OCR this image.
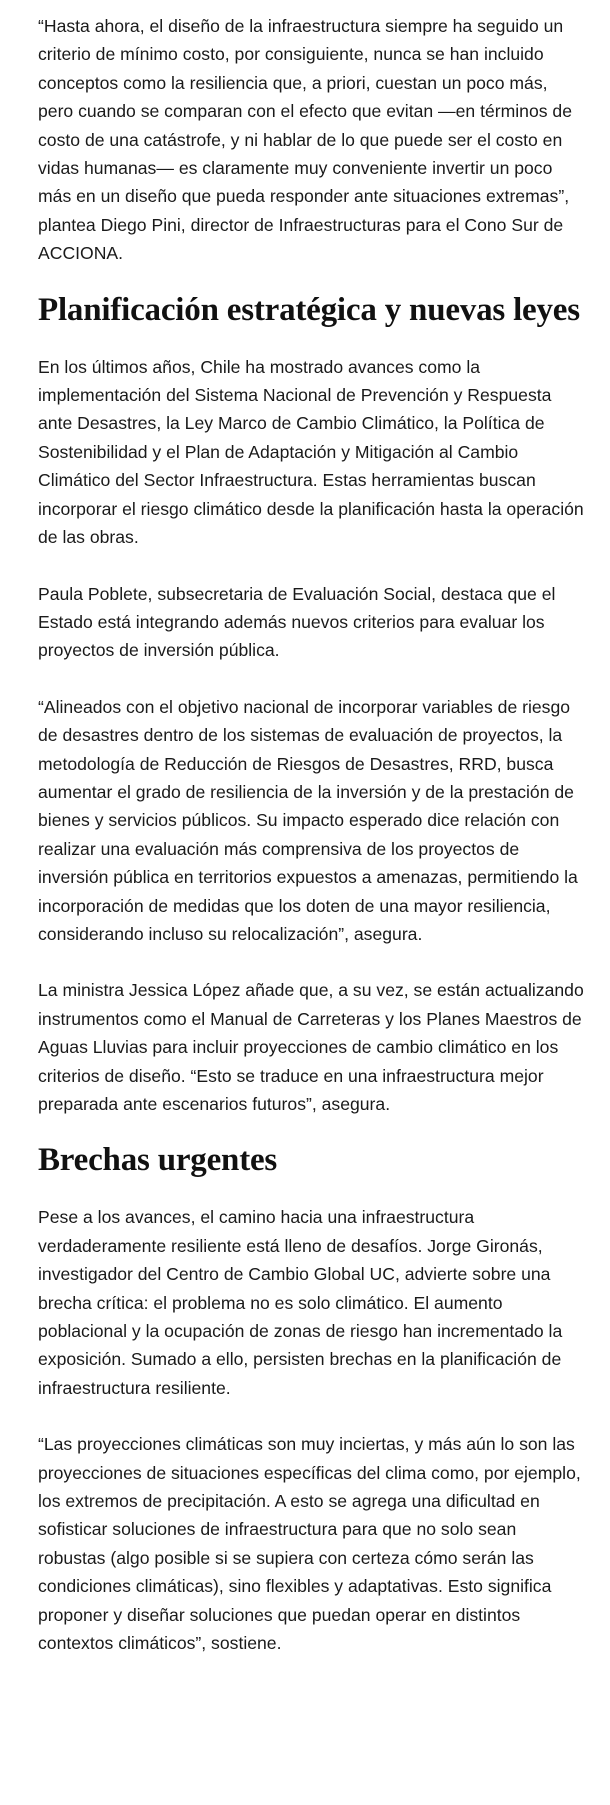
“Hasta ahora, el diseño de la infraestructura siempre ha seguido un criterio de mínimo costo, por consiguiente, nunca se han incluido conceptos como la resiliencia que, a priori, cuestan un poco más, pero cuando se comparan con el efecto que evitan —en términos de costo de una catástrofe, y ni hablar de lo que puede ser el costo en vidas humanas— es claramente muy conveniente invertir un poco más en un diseño que pueda responder ante situaciones extremas”, plantea Diego Pini, director de Infraestructuras para el Cono Sur de ACCIONA.

Planificación estratégica y nuevas leyes

En los últimos años, Chile ha mostrado avances como la implementación del Sistema Nacional de Prevención y Respuesta ante Desastres, la Ley Marco de Cambio Climático, la Política de Sostenibilidad y el Plan de Adaptación y Mitigación al Cambio Climático del Sector Infraestructura. Estas herramientas buscan incorporar el riesgo climático desde la planificación hasta la operación de las obras.

Paula Poblete, subsecretaria de Evaluación Social, destaca que el Estado está integrando además nuevos criterios para evaluar los proyectos de inversión pública.

“Alineados con el objetivo nacional de incorporar variables de riesgo de desastres dentro de los sistemas de evaluación de proyectos, la metodología de Reducción de Riesgos de Desastres, RRD, busca aumentar el grado de resiliencia de la inversión y de la prestación de bienes y servicios públicos. Su impacto esperado dice relación con realizar una evaluación más comprensiva de los proyectos de inversión pública en territorios expuestos a amenazas, permitiendo la incorporación de medidas que los doten de una mayor resiliencia, considerando incluso su relocalización”, asegura.

La ministra Jessica López añade que, a su vez, se están actualizando instrumentos como el Manual de Carreteras y los Planes Maestros de Aguas Lluvias para incluir proyecciones de cambio climático en los criterios de diseño. “Esto se traduce en una infraestructura mejor preparada ante escenarios futuros”, asegura.

Brechas urgentes

Pese a los avances, el camino hacia una infraestructura verdaderamente resiliente está lleno de desafíos. Jorge Gironás, investigador del Centro de Cambio Global UC, advierte sobre una brecha crítica: el problema no es solo climático. El aumento poblacional y la ocupación de zonas de riesgo han incrementado la exposición. Sumado a ello, persisten brechas en la planificación de infraestructura resiliente.

“Las proyecciones climáticas son muy inciertas, y más aún lo son las proyecciones de situaciones específicas del clima como, por ejemplo, los extremos de precipitación. A esto se agrega una dificultad en sofisticar soluciones de infraestructura para que no solo sean robustas (algo posible si se supiera con certeza cómo serán las condiciones climáticas), sino flexibles y adaptativas. Esto significa proponer y diseñar soluciones que puedan operar en distintos contextos climáticos”, sostiene.
